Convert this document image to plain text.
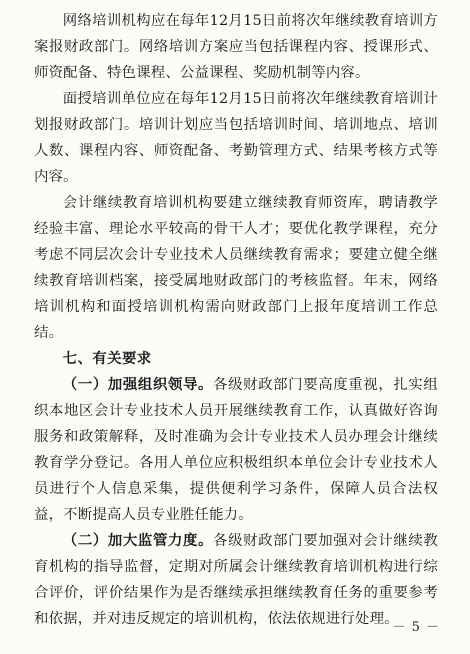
网络培训机构应在每年12月15日前将次年继续教育培训方案报财政部门。网络培训方案应当包括课程内容、授课形式、师资配备、特色课程、公益课程、奖励机制等内容。

面授培训单位应在每年12月15日前将次年继续教育培训计划报财政部门。培训计划应当包括培训时间、培训地点、培训人数、课程内容、师资配备、考勤管理方式、结果考核方式等内容。

会计继续教育培训机构要建立继续教育师资库，聘请教学经验丰富、理论水平较高的骨干人才；要优化教学课程，充分考虑不同层次会计专业技术人员继续教育需求；要建立健全继续教育培训档案，接受属地财政部门的考核监督。年末，网络培训机构和面授培训机构需向财政部门上报年度培训工作总结。

七、有关要求

（一）加强组织领导。各级财政部门要高度重视，扎实组织本地区会计专业技术人员开展继续教育工作，认真做好咨询服务和政策解释，及时准确为会计专业技术人员办理会计继续教育学分登记。各用人单位应积极组织本单位会计专业技术人员进行个人信息采集，提供便利学习条件，保障人员合法权益，不断提高人员专业胜任能力。

（二）加大监管力度。各级财政部门要加强对会计继续教育机构的指导监督，定期对所属会计继续教育培训机构进行综合评价，评价结果作为是否继续承担继续教育任务的重要参考和依据，并对违反规定的培训机构，依法依规进行处理。

－ 5 －
